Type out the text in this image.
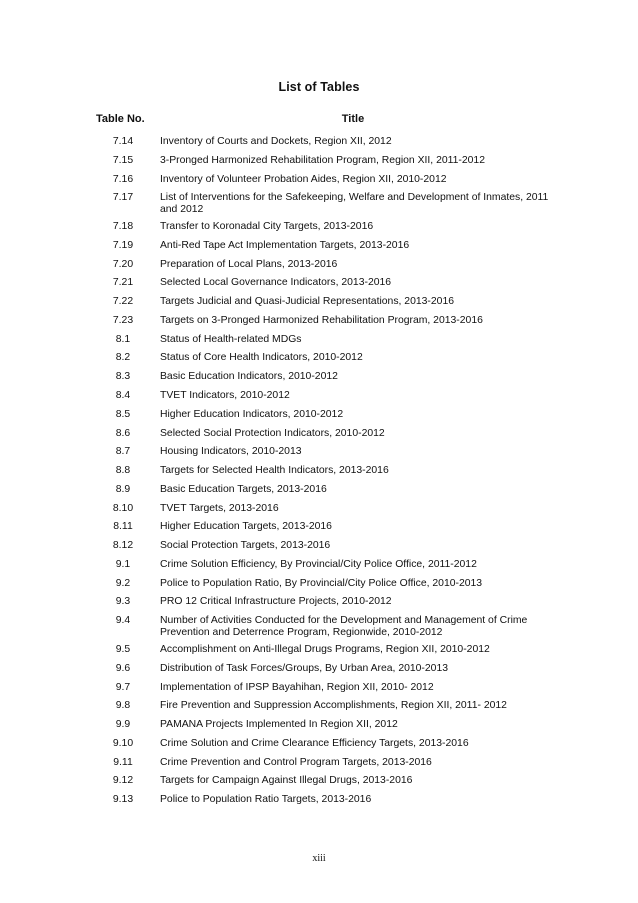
List of Tables
Table No.	Title
7.14	Inventory of Courts and Dockets, Region XII, 2012
7.15	3-Pronged Harmonized Rehabilitation Program, Region XII, 2011-2012
7.16	Inventory of Volunteer Probation Aides, Region XII, 2010-2012
7.17	List of Interventions for the Safekeeping, Welfare and Development of Inmates, 2011 and 2012
7.18	Transfer to Koronadal City Targets, 2013-2016
7.19	Anti-Red Tape Act Implementation Targets, 2013-2016
7.20	Preparation of Local Plans, 2013-2016
7.21	Selected Local Governance Indicators, 2013-2016
7.22	Targets Judicial and Quasi-Judicial Representations, 2013-2016
7.23	Targets on 3-Pronged Harmonized Rehabilitation Program, 2013-2016
8.1	Status of Health-related MDGs
8.2	Status of Core Health Indicators, 2010-2012
8.3	Basic Education Indicators, 2010-2012
8.4	TVET Indicators, 2010-2012
8.5	Higher Education Indicators, 2010-2012
8.6	Selected Social Protection Indicators, 2010-2012
8.7	Housing Indicators, 2010-2013
8.8	Targets for Selected Health Indicators, 2013-2016
8.9	Basic Education Targets, 2013-2016
8.10	TVET Targets, 2013-2016
8.11	Higher Education Targets, 2013-2016
8.12	Social Protection Targets, 2013-2016
9.1	Crime Solution Efficiency, By Provincial/City Police Office, 2011-2012
9.2	Police to Population Ratio, By Provincial/City Police Office, 2010-2013
9.3	PRO 12 Critical Infrastructure Projects, 2010-2012
9.4	Number of Activities Conducted for the Development and Management of Crime Prevention and Deterrence Program, Regionwide, 2010-2012
9.5	Accomplishment on Anti-Illegal Drugs Programs, Region XII, 2010-2012
9.6	Distribution of Task Forces/Groups, By Urban Area, 2010-2013
9.7	Implementation of IPSP Bayahihan, Region XII, 2010- 2012
9.8	Fire Prevention and Suppression Accomplishments, Region XII, 2011- 2012
9.9	PAMANA Projects Implemented In Region XII, 2012
9.10	Crime Solution and Crime Clearance Efficiency Targets, 2013-2016
9.11	Crime Prevention and Control Program Targets, 2013-2016
9.12	Targets for Campaign Against Illegal Drugs, 2013-2016
9.13	Police to Population Ratio Targets, 2013-2016
xiii
